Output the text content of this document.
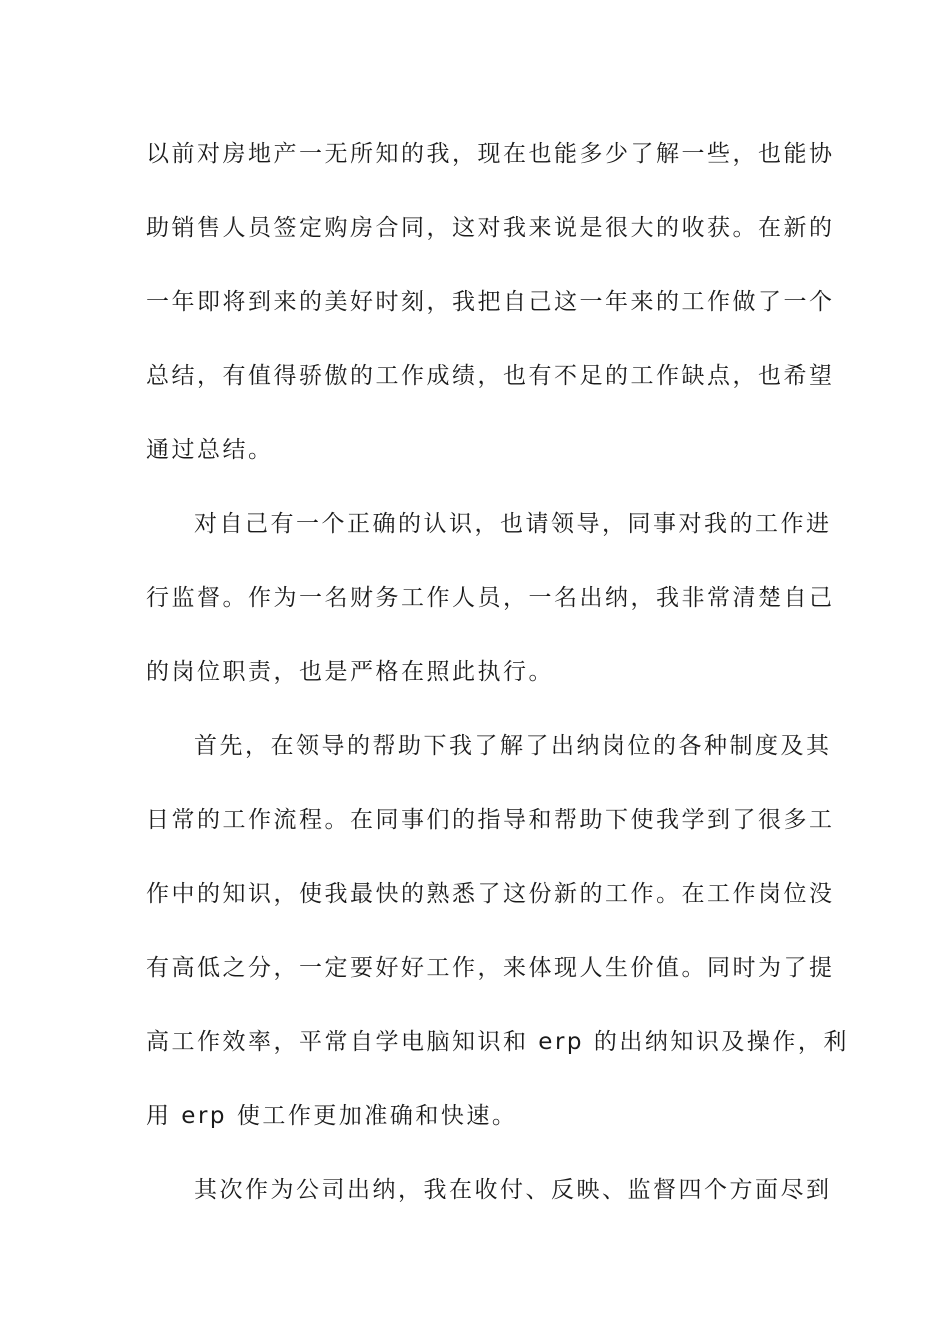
以前对房地产一无所知的我，现在也能多少了解一些，也能协
助销售人员签定购房合同，这对我来说是很大的收获。在新的
一年即将到来的美好时刻，我把自己这一年来的工作做了一个
总结，有值得骄傲的工作成绩，也有不足的工作缺点，也希望
通过总结。
对自己有一个正确的认识，也请领导，同事对我的工作进
行监督。作为一名财务工作人员，一名出纳，我非常清楚自己
的岗位职责，也是严格在照此执行。
首先，在领导的帮助下我了解了出纳岗位的各种制度及其
日常的工作流程。在同事们的指导和帮助下使我学到了很多工
作中的知识，使我最快的熟悉了这份新的工作。在工作岗位没
有高低之分，一定要好好工作，来体现人生价值。同时为了提
高工作效率，平常自学电脑知识和 erp 的出纳知识及操作，利
用 erp 使工作更加准确和快速。
其次作为公司出纳，我在收付、反映、监督四个方面尽到
